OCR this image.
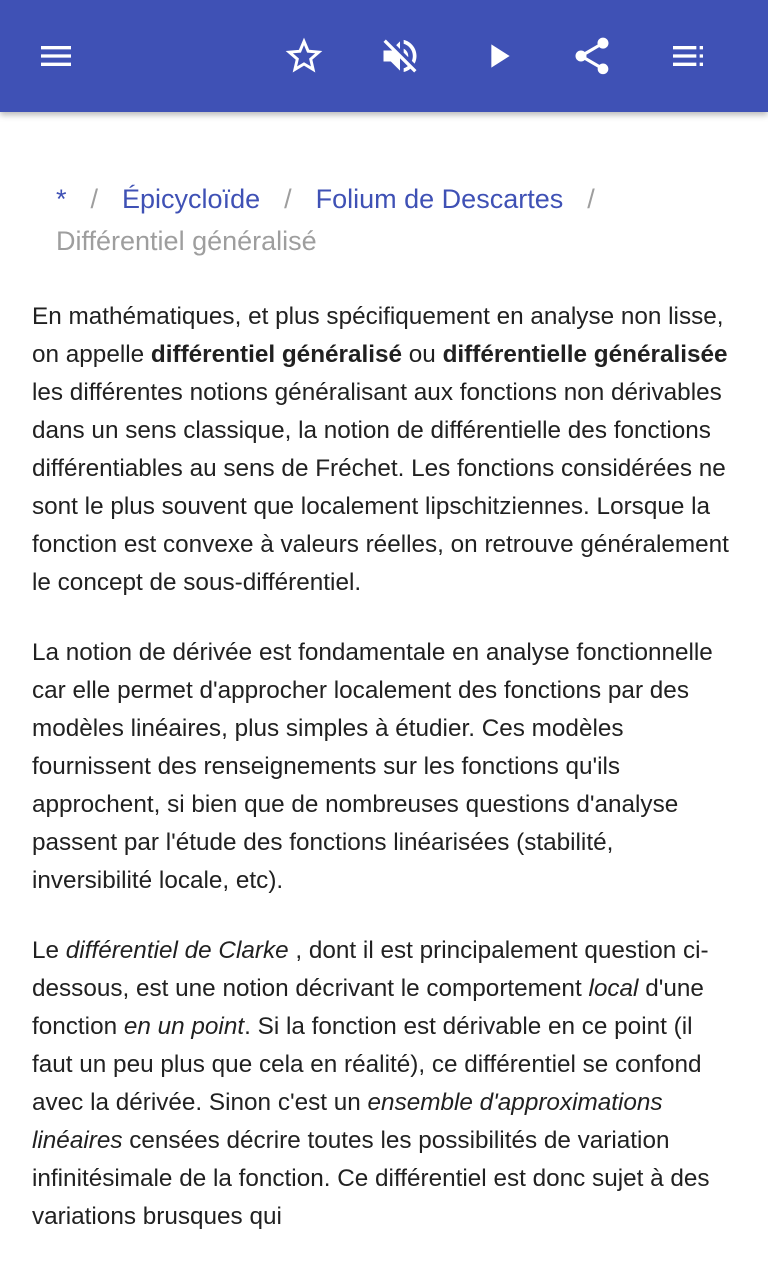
* / Épicycloïde / Folium de Descartes /
Différentiel généralisé

En mathématiques, et plus spécifiquement en analyse non lisse, on appelle différentiel généralisé ou différentielle généralisée les différentes notions généralisant aux fonctions non dérivables dans un sens classique, la notion de différentielle des fonctions différentiables au sens de Fréchet. Les fonctions considérées ne sont le plus souvent que localement lipschitziennes. Lorsque la fonction est convexe à valeurs réelles, on retrouve généralement le concept de sous-différentiel.

La notion de dérivée est fondamentale en analyse fonctionnelle car elle permet d'approcher localement des fonctions par des modèles linéaires, plus simples à étudier. Ces modèles fournissent des renseignements sur les fonctions qu'ils approchent, si bien que de nombreuses questions d'analyse passent par l'étude des fonctions linéarisées (stabilité, inversibilité locale, etc).

Le différentiel de Clarke , dont il est principalement question ci-dessous, est une notion décrivant le comportement local d'une fonction en un point. Si la fonction est dérivable en ce point (il faut un peu plus que cela en réalité), ce différentiel se confond avec la dérivée. Sinon c'est un ensemble d'approximations linéaires censées décrire toutes les possibilités de variation infinitésimale de la fonction. Ce différentiel est donc sujet à des variations brusques qui
